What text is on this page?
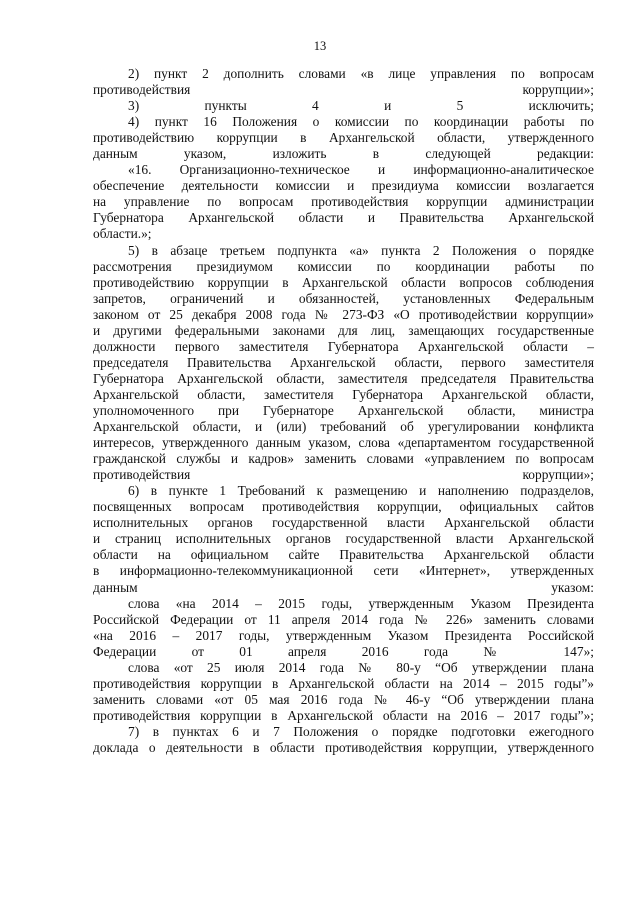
13

2) пункт 2 дополнить словами «в лице управления по вопросам
противодействия коррупции»;

3) пункты 4 и 5 исключить;

4) пункт 16 Положения о комиссии по координации работы по
противодействию коррупции в Архангельской области, утвержденного
данным указом, изложить в следующей редакции:

«16. Организационно-техническое и информационно-аналитическое
обеспечение деятельности комиссии и президиума комиссии возлагается
на управление по вопросам противодействия коррупции администрации
Губернатора Архангельской области и Правительства Архангельской
области.»;

5) в абзаце третьем подпункта «а» пункта 2 Положения о порядке
рассмотрения президиумом комиссии по координации работы по
противодействию коррупции в Архангельской области вопросов соблюдения
запретов, ограничений и обязанностей, установленных Федеральным
законом от 25 декабря 2008 года № 273-ФЗ «О противодействии коррупции»
и другими федеральными законами для лиц, замещающих государственные
должности первого заместителя Губернатора Архангельской области –
председателя Правительства Архангельской области, первого заместителя
Губернатора Архангельской области, заместителя председателя Правительства
Архангельской области, заместителя Губернатора Архангельской области,
уполномоченного при Губернаторе Архангельской области, министра
Архангельской области, и (или) требований об урегулировании конфликта
интересов, утвержденного данным указом, слова «департаментом государственной
гражданской службы и кадров» заменить словами «управлением по вопросам
противодействия коррупции»;

6) в пункте 1 Требований к размещению и наполнению подразделов,
посвященных вопросам противодействия коррупции, официальных сайтов
исполнительных органов государственной власти Архангельской области
и страниц исполнительных органов государственной власти Архангельской
области на официальном сайте Правительства Архангельской области
в информационно-телекоммуникационной сети «Интернет», утвержденных
данным указом:

слова «на 2014 – 2015 годы, утвержденным Указом Президента
Российской Федерации от 11 апреля 2014 года № 226» заменить словами
«на 2016 – 2017 годы, утвержденным Указом Президента Российской
Федерации от 01 апреля 2016 года № 147»;

слова «от 25 июля 2014 года № 80-у “Об утверждении плана
противодействия коррупции в Архангельской области на 2014 – 2015 годы”»
заменить словами «от 05 мая 2016 года № 46-у “Об утверждении плана
противодействия коррупции в Архангельской области на 2016 – 2017 годы”»;

7) в пунктах 6 и 7 Положения о порядке подготовки ежегодного
доклада о деятельности в области противодействия коррупции, утвержденного
